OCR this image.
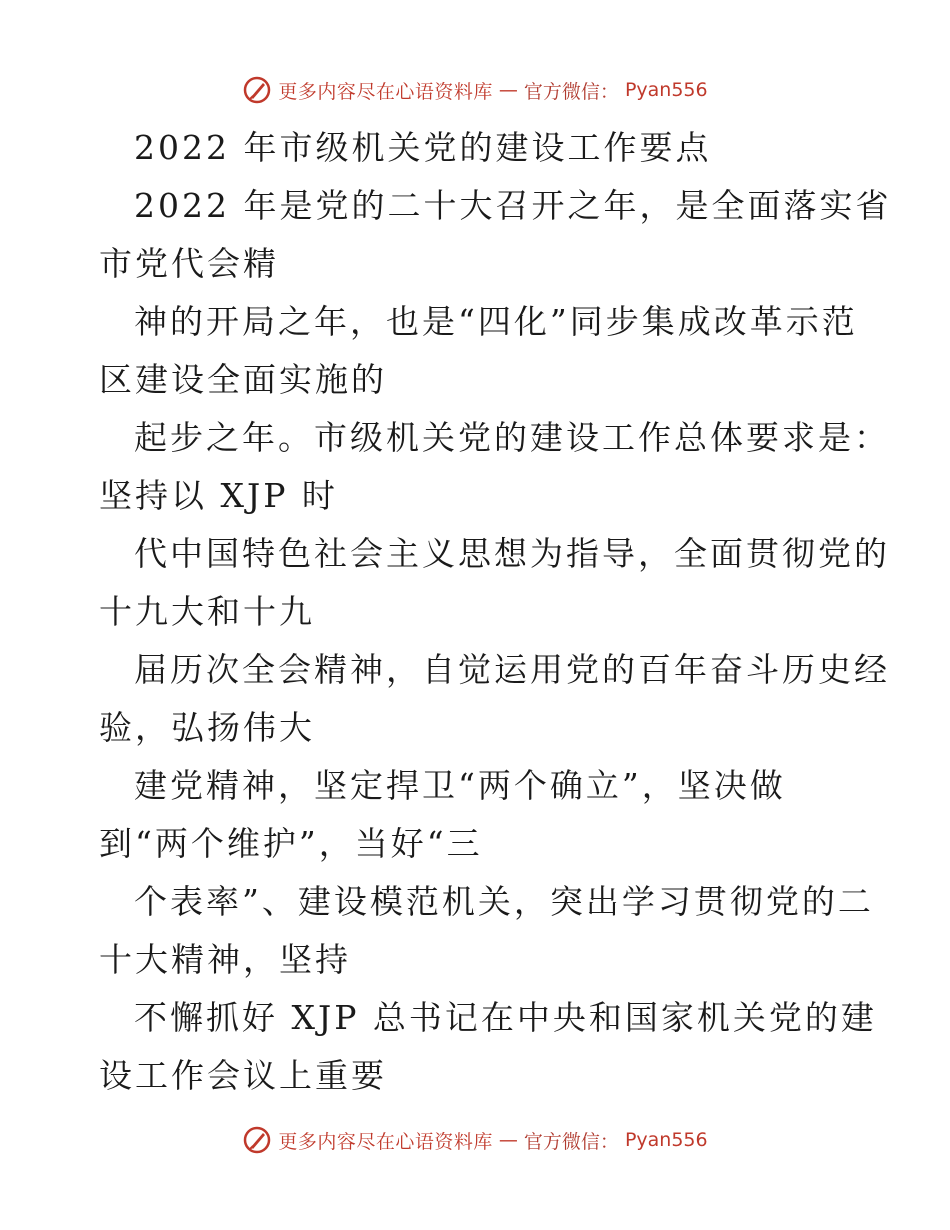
更多内容尽在心语资料库 — 官方微信： Pyan556
2022 年市级机关党的建设工作要点
2022 年是党的二十大召开之年，是全面落实省
市党代会精
神的开局之年，也是“四化”同步集成改革示范
区建设全面实施的
起步之年。市级机关党的建设工作总体要求是：
坚持以 XJP 时
代中国特色社会主义思想为指导，全面贯彻党的
十九大和十九
届历次全会精神，自觉运用党的百年奋斗历史经
验，弘扬伟大
建党精神，坚定捍卫“两个确立”，坚决做
到“两个维护”，当好“三
个表率”、建设模范机关，突出学习贯彻党的二
十大精神，坚持
不懈抓好 XJP 总书记在中央和国家机关党的建
设工作会议上重要
更多内容尽在心语资料库 — 官方微信： Pyan556
